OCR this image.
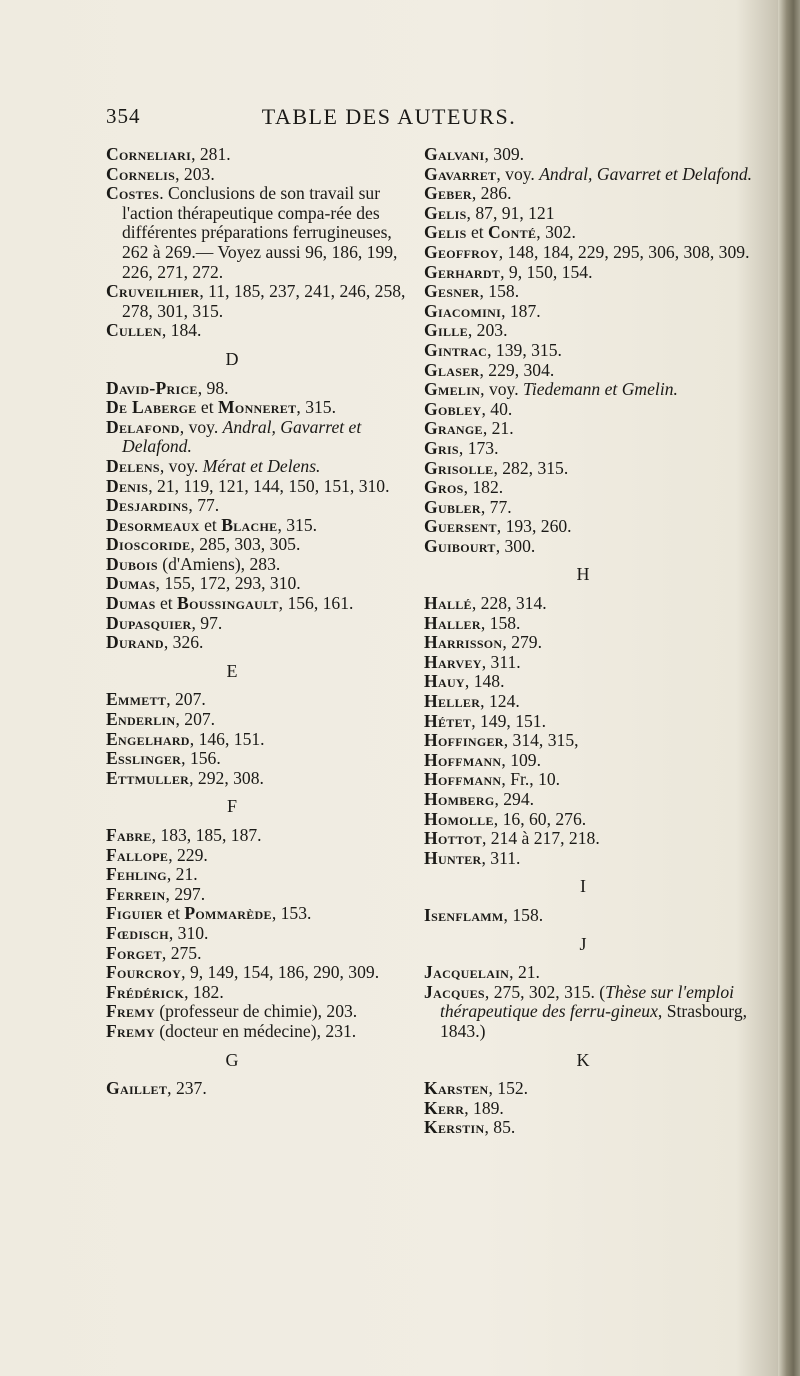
354	TABLE DES AUTEURS.

Corneliari, 281.

Cornelis, 203.

Costes. Conclusions de son travail sur l'action thérapeutique compa-rée des différentes préparations ferrugineuses, 262 à 269.— Voyez aussi 96, 186, 199, 226, 271, 272.

Cruveilhier, 11, 185, 237, 241, 246, 258, 278, 301, 315.

Cullen, 184.

D

David-Price, 98.

De Laberge et Monneret, 315.

Delafond, voy. Andral, Gavarret et Delafond.

Delens, voy. Mérat et Delens.

Denis, 21, 119, 121, 144, 150, 151, 310.

Desjardins, 77.

Desormeaux et Blache, 315.

Dioscoride, 285, 303, 305.

Dubois (d'Amiens), 283.

Dumas, 155, 172, 293, 310.

Dumas et Boussingault, 156, 161.

Dupasquier, 97.

Durand, 326.

E

Emmett, 207.

Enderlin, 207.

Engelhard, 146, 151.

Esslinger, 156.

Ettmuller, 292, 308.

F

Fabre, 183, 185, 187.

Fallope, 229.

Fehling, 21.

Ferrein, 297.

Figuier et Pommarède, 153.

Fœdisch, 310.

Forget, 275.

Fourcroy, 9, 149, 154, 186, 290, 309.

Frédérick, 182.

Fremy (professeur de chimie), 203.

Fremy (docteur en médecine), 231.

G

Gaillet, 237.

Galvani, 309.

Gavarret, voy. Andral, Gavarret et Delafond.

Geber, 286.

Gelis, 87, 91, 121

Gelis et Conté, 302.

Geoffroy, 148, 184, 229, 295, 306, 308, 309.

Gerhardt, 9, 150, 154.

Gesner, 158.

Giacomini, 187.

Gille, 203.

Gintrac, 139, 315.

Glaser, 229, 304.

Gmelin, voy. Tiedemann et Gmelin.

Gobley, 40.

Grange, 21.

Gris, 173.

Grisolle, 282, 315.

Gros, 182.

Gubler, 77.

Guersent, 193, 260.

Guibourt, 300.

H

Hallé, 228, 314.

Haller, 158.

Harrisson, 279.

Harvey, 311.

Hauy, 148.

Heller, 124.

Hétet, 149, 151.

Hoffinger, 314, 315,

Hoffmann, 109.

Hoffmann, Fr., 10.

Homberg, 294.

Homolle, 16, 60, 276.

Hottot, 214 à 217, 218.

Hunter, 311.

I

Isenflamm, 158.

J

Jacquelain, 21.

Jacques, 275, 302, 315. (Thèse sur l'emploi thérapeutique des ferru-gineux, Strasbourg, 1843.)

K

Karsten, 152.

Kerr, 189.

Kerstin, 85.
